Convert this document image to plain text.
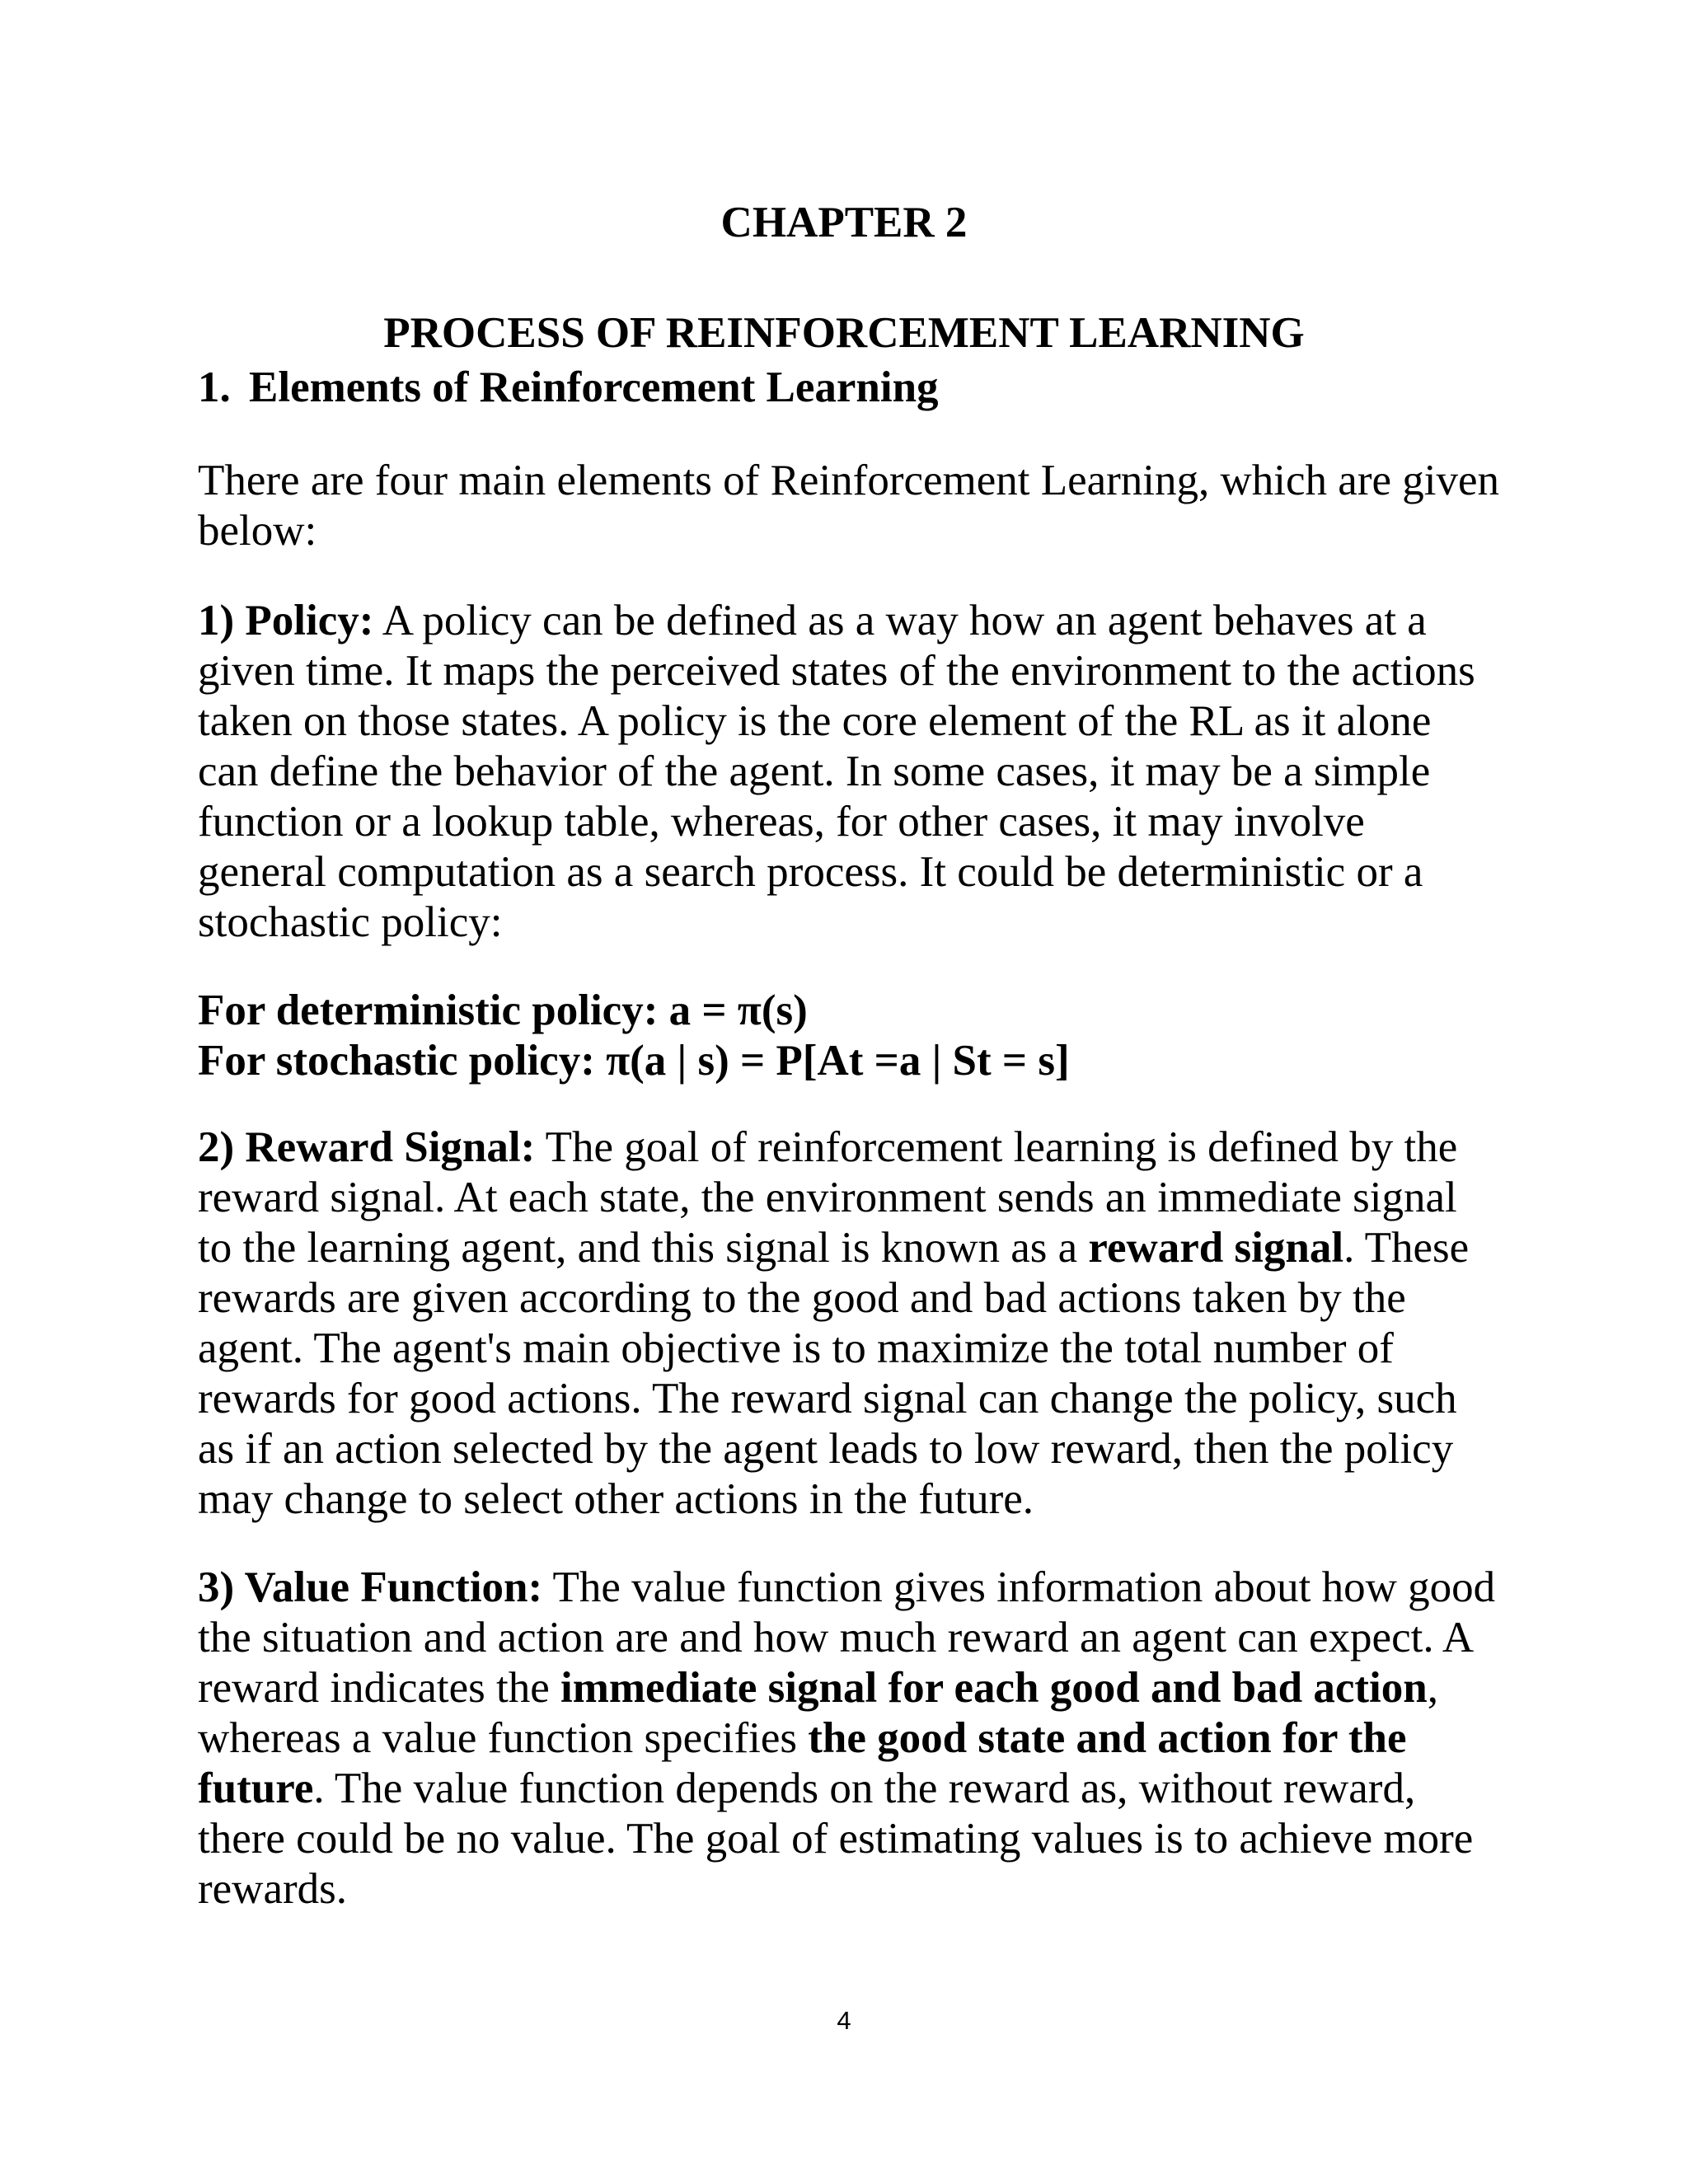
CHAPTER 2
PROCESS OF REINFORCEMENT LEARNING
1. Elements of Reinforcement Learning

There are four main elements of Reinforcement Learning, which are given below:

1) Policy: A policy can be defined as a way how an agent behaves at a given time. It maps the perceived states of the environment to the actions taken on those states. A policy is the core element of the RL as it alone can define the behavior of the agent. In some cases, it may be a simple function or a lookup table, whereas, for other cases, it may involve general computation as a search process. It could be deterministic or a stochastic policy:

For deterministic policy: a = π(s)
For stochastic policy: π(a | s) = P[At =a | St = s]

2) Reward Signal: The goal of reinforcement learning is defined by the reward signal. At each state, the environment sends an immediate signal to the learning agent, and this signal is known as a reward signal. These rewards are given according to the good and bad actions taken by the agent. The agent's main objective is to maximize the total number of rewards for good actions. The reward signal can change the policy, such as if an action selected by the agent leads to low reward, then the policy may change to select other actions in the future.

3) Value Function: The value function gives information about how good the situation and action are and how much reward an agent can expect. A reward indicates the immediate signal for each good and bad action, whereas a value function specifies the good state and action for the future. The value function depends on the reward as, without reward, there could be no value. The goal of estimating values is to achieve more rewards.

4
